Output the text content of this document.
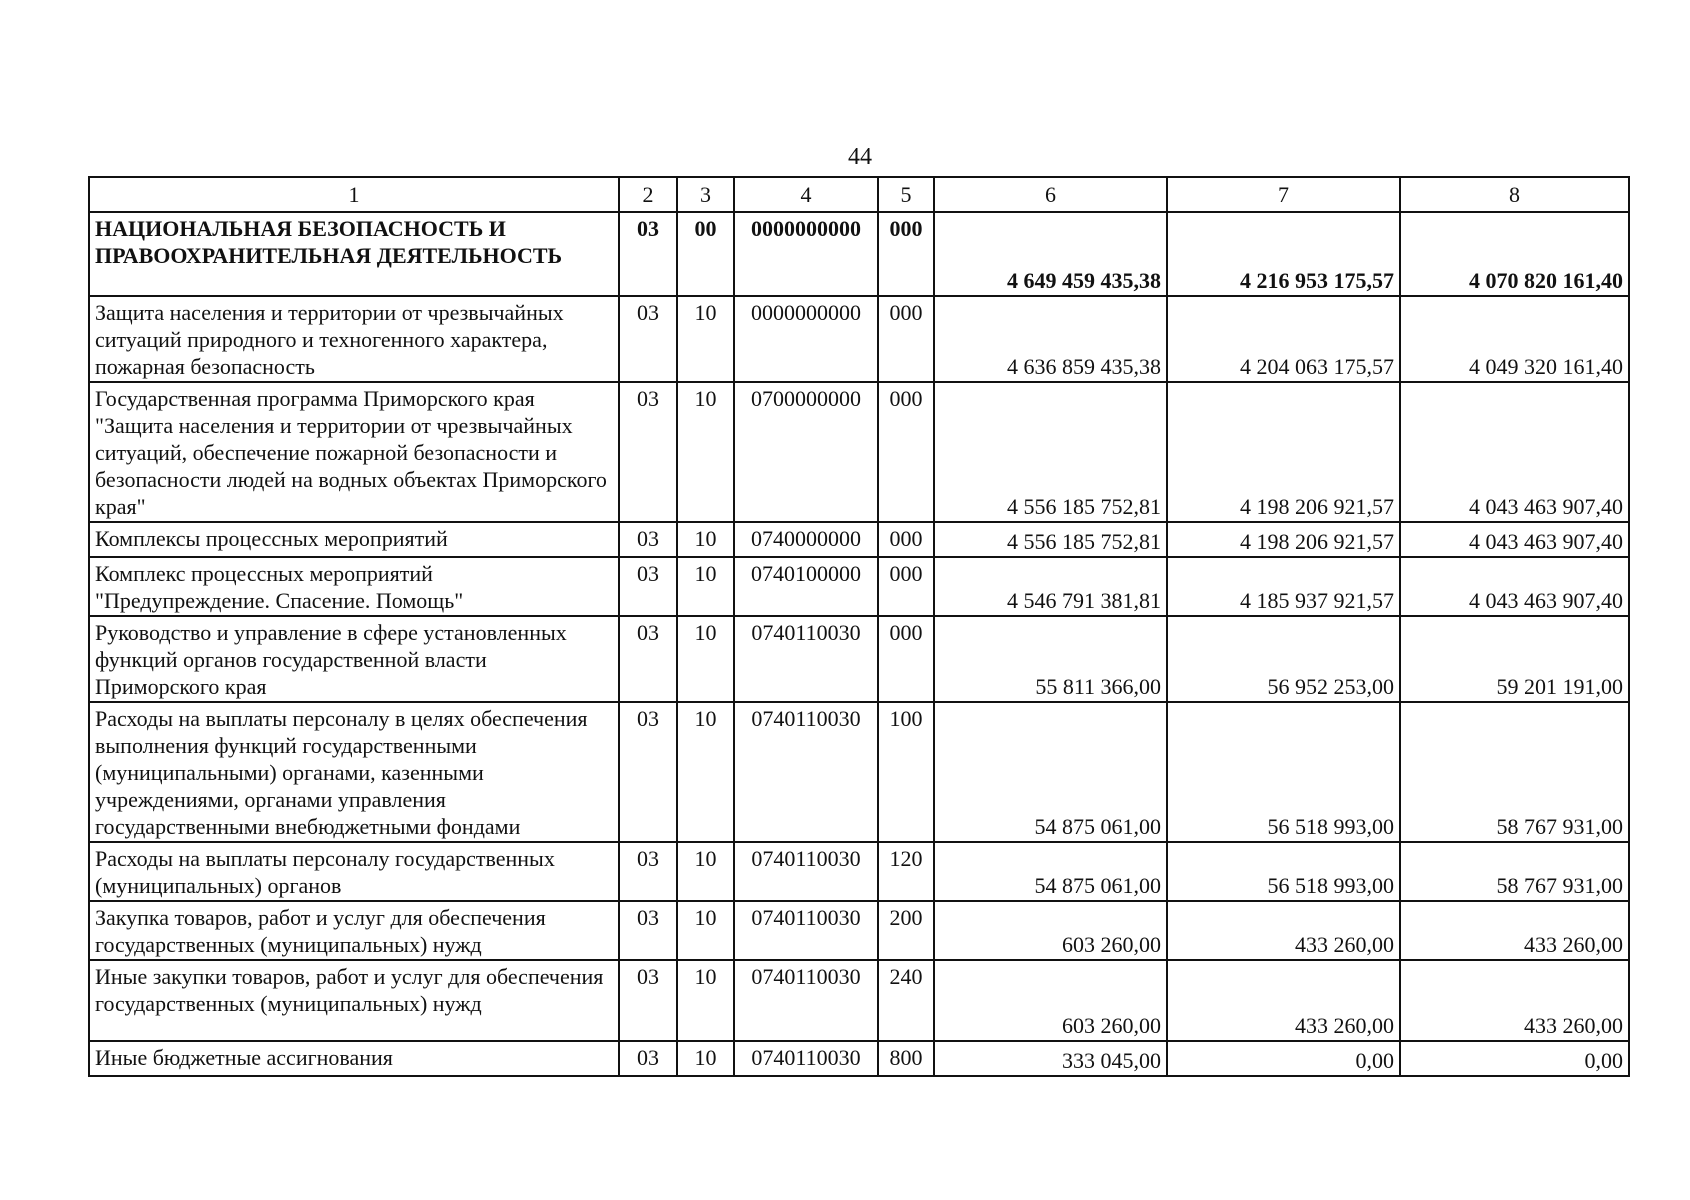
44
1	2	3	4	5	6	7	8
НАЦИОНАЛЬНАЯ БЕЗОПАСНОСТЬ И ПРАВООХРАНИТЕЛЬНАЯ ДЕЯТЕЛЬНОСТЬ	03	00	0000000000	000	4 649 459 435,38	4 216 953 175,57	4 070 820 161,40
Защита населения и территории от чрезвычайных ситуаций природного и техногенного характера, пожарная безопасность	03	10	0000000000	000	4 636 859 435,38	4 204 063 175,57	4 049 320 161,40
Государственная программа Приморского края "Защита населения и территории от чрезвычайных ситуаций, обеспечение пожарной безопасности и безопасности людей на водных объектах Приморского края"	03	10	0700000000	000	4 556 185 752,81	4 198 206 921,57	4 043 463 907,40
Комплексы процессных мероприятий	03	10	0740000000	000	4 556 185 752,81	4 198 206 921,57	4 043 463 907,40
Комплекс процессных мероприятий "Предупреждение. Спасение. Помощь"	03	10	0740100000	000	4 546 791 381,81	4 185 937 921,57	4 043 463 907,40
Руководство и управление в сфере установленных функций органов государственной власти Приморского края	03	10	0740110030	000	55 811 366,00	56 952 253,00	59 201 191,00
Расходы на выплаты персоналу в целях обеспечения выполнения функций государственными (муниципальными) органами, казенными учреждениями, органами управления государственными внебюджетными фондами	03	10	0740110030	100	54 875 061,00	56 518 993,00	58 767 931,00
Расходы на выплаты персоналу государственных (муниципальных) органов	03	10	0740110030	120	54 875 061,00	56 518 993,00	58 767 931,00
Закупка товаров, работ и услуг для обеспечения государственных (муниципальных) нужд	03	10	0740110030	200	603 260,00	433 260,00	433 260,00
Иные закупки товаров, работ и услуг для обеспечения государственных (муниципальных) нужд	03	10	0740110030	240	603 260,00	433 260,00	433 260,00
Иные бюджетные ассигнования	03	10	0740110030	800	333 045,00	0,00	0,00
